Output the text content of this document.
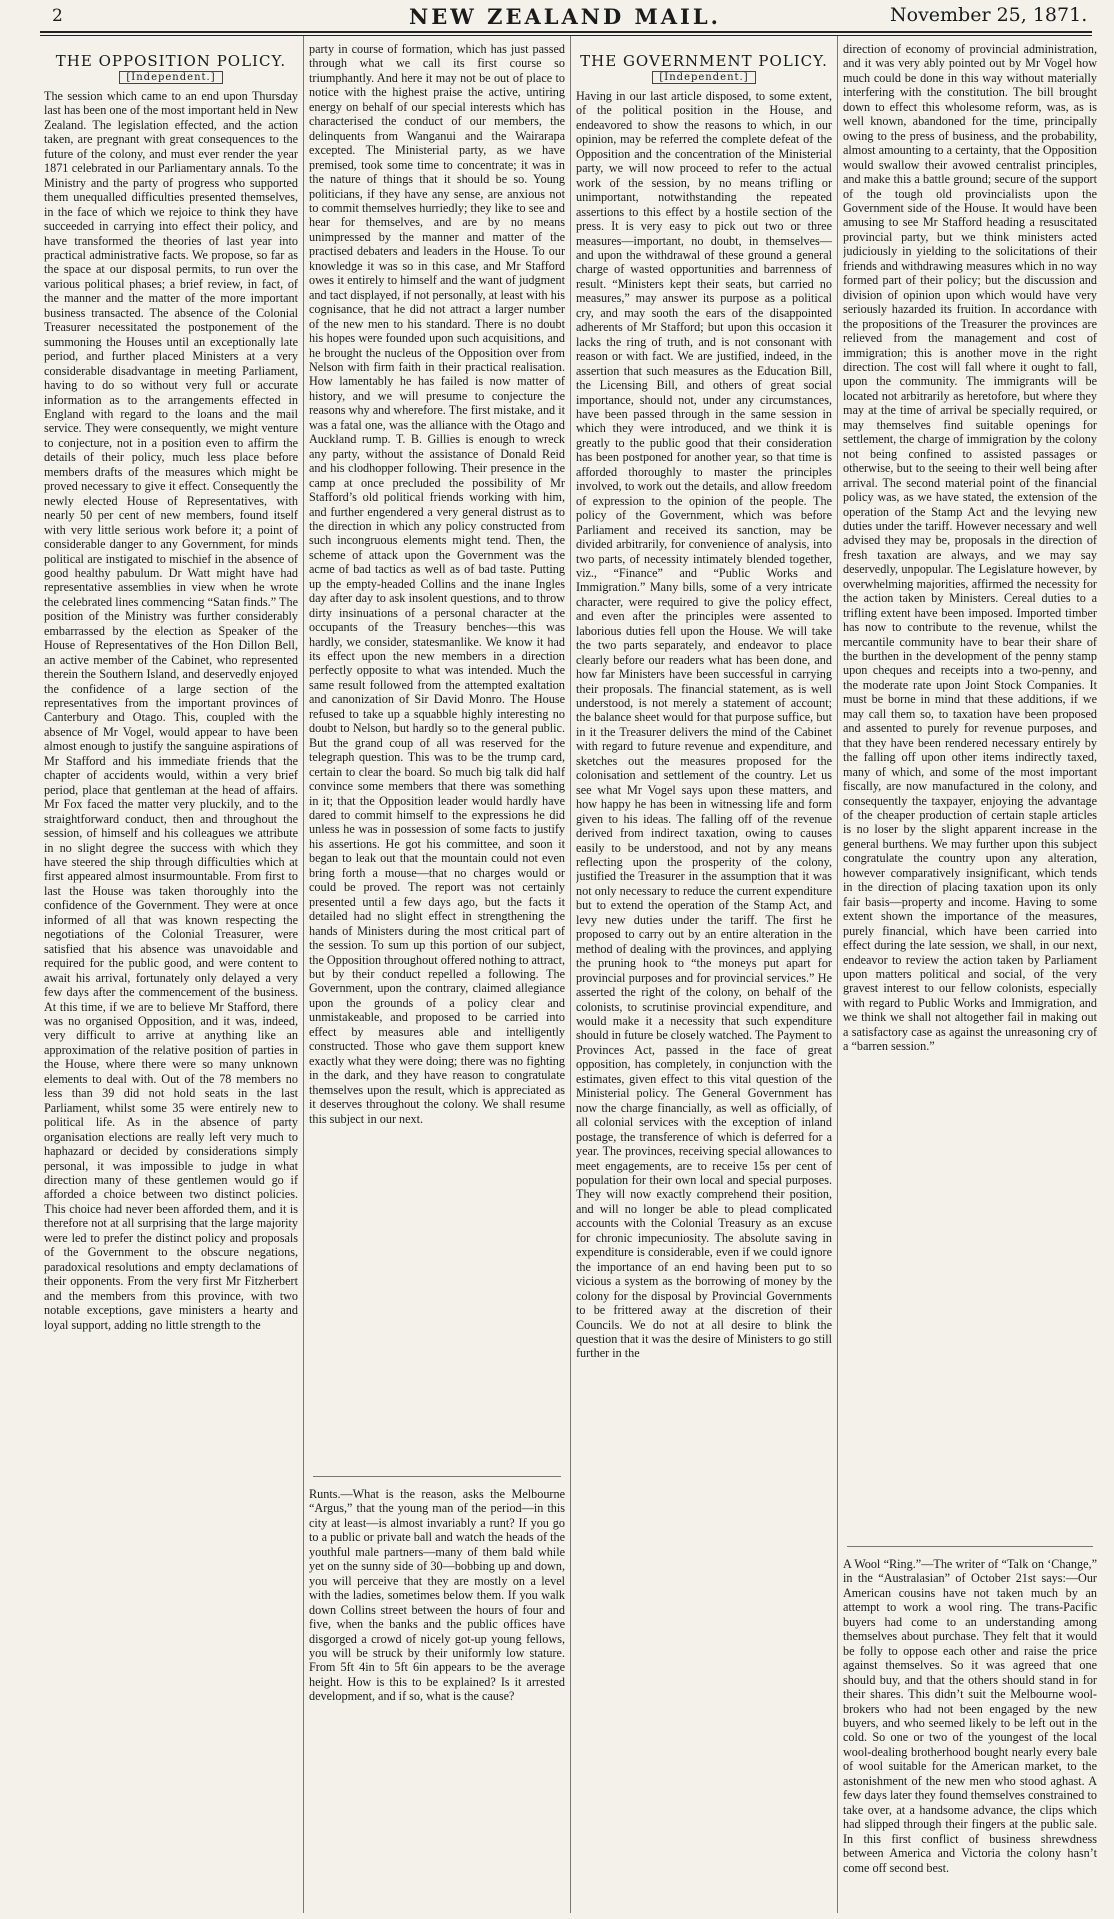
2	NEW ZEALAND MAIL.	November 25, 1871.
THE OPPOSITION POLICY.
[Independent.]

The session which came to an end upon Thursday last has been one of the most important held in New Zealand. The legislation effected, and the action taken, are pregnant with great consequences to the future of the colony, and must ever render the year 1871 celebrated in our Parliamentary annals. To the Ministry and the party of progress who supported them unequalled difficulties presented themselves, in the face of which we rejoice to think they have succeeded in carrying into effect their policy, and have transformed the theories of last year into practical administrative facts. We propose, so far as the space at our disposal permits, to run over the various political phases; a brief review, in fact, of the manner and the matter of the more important business transacted. The absence of the Colonial Treasurer necessitated the postponement of the summoning the Houses until an exceptionally late period, and further placed Ministers at a very considerable disadvantage in meeting Parliament, having to do so without very full or accurate information as to the arrangements effected in England with regard to the loans and the mail service. They were consequently, we might venture to conjecture, not in a position even to affirm the details of their policy, much less place before members drafts of the measures which might be proved necessary to give it effect. Consequently the newly elected House of Representatives, with nearly 50 per cent of new members, found itself with very little serious work before it; a point of considerable danger to any Government, for minds political are instigated to mischief in the absence of good healthy pabulum. Dr Watt might have had representative assemblies in view when he wrote the celebrated lines commencing “Satan finds.” The position of the Ministry was further considerably embarrassed by the election as Speaker of the House of Representatives of the Hon Dillon Bell, an active member of the Cabinet, who represented therein the Southern Island, and deservedly enjoyed the confidence of a large section of the representatives from the important provinces of Canterbury and Otago. This, coupled with the absence of Mr Vogel, would appear to have been almost enough to justify the sanguine aspirations of Mr Stafford and his immediate friends that the chapter of accidents would, within a very brief period, place that gentleman at the head of affairs. Mr Fox faced the matter very pluckily, and to the straightforward conduct, then and throughout the session, of himself and his colleagues we attribute in no slight degree the success with which they have steered the ship through difficulties which at first appeared almost insurmountable. From first to last the House was taken thoroughly into the confidence of the Government. They were at once informed of all that was known respecting the negotiations of the Colonial Treasurer, were satisfied that his absence was unavoidable and required for the public good, and were content to await his arrival, fortunately only delayed a very few days after the commencement of the business. At this time, if we are to believe Mr Stafford, there was no organised Opposition, and it was, indeed, very difficult to arrive at anything like an approximation of the relative position of parties in the House, where there were so many unknown elements to deal with. Out of the 78 members no less than 39 did not hold seats in the last Parliament, whilst some 35 were entirely new to political life. As in the absence of party organisation elections are really left very much to haphazard or decided by considerations simply personal, it was impossible to judge in what direction many of these gentlemen would go if afforded a choice between two distinct policies. This choice had never been afforded them, and it is therefore not at all surprising that the large majority were led to prefer the distinct policy and proposals of the Government to the obscure negations, paradoxical resolutions and empty declamations of their opponents. From the very first Mr Fitzherbert and the members from this province, with two notable exceptions, gave ministers a hearty and loyal support, adding no little strength to the

party in course of formation, which has just passed through what we call its first course so triumphantly. And here it may not be out of place to notice with the highest praise the active, untiring energy on behalf of our special interests which has characterised the conduct of our members, the delinquents from Wanganui and the Wairarapa excepted. The Ministerial party, as we have premised, took some time to concentrate; it was in the nature of things that it should be so. Young politicians, if they have any sense, are anxious not to commit themselves hurriedly; they like to see and hear for themselves, and are by no means unimpressed by the manner and matter of the practised debaters and leaders in the House. To our knowledge it was so in this case, and Mr Stafford owes it entirely to himself and the want of judgment and tact displayed, if not personally, at least with his cognisance, that he did not attract a larger number of the new men to his standard. There is no doubt his hopes were founded upon such acquisitions, and he brought the nucleus of the Opposition over from Nelson with firm faith in their practical realisation. How lamentably he has failed is now matter of history, and we will presume to conjecture the reasons why and wherefore. The first mistake, and it was a fatal one, was the alliance with the Otago and Auckland rump. T. B. Gillies is enough to wreck any party, without the assistance of Donald Reid and his clodhopper following. Their presence in the camp at once precluded the possibility of Mr Stafford’s old political friends working with him, and further engendered a very general distrust as to the direction in which any policy constructed from such incongruous elements might tend. Then, the scheme of attack upon the Government was the acme of bad tactics as well as of bad taste. Putting up the empty-headed Collins and the inane Ingles day after day to ask insolent questions, and to throw dirty insinuations of a personal character at the occupants of the Treasury benches—this was hardly, we consider, statesmanlike. We know it had its effect upon the new members in a direction perfectly opposite to what was intended. Much the same result followed from the attempted exaltation and canonization of Sir David Monro. The House refused to take up a squabble highly interesting no doubt to Nelson, but hardly so to the general public. But the grand coup of all was reserved for the telegraph question. This was to be the trump card, certain to clear the board. So much big talk did half convince some members that there was something in it; that the Opposition leader would hardly have dared to commit himself to the expressions he did unless he was in possession of some facts to justify his assertions. He got his committee, and soon it began to leak out that the mountain could not even bring forth a mouse—that no charges would or could be proved. The report was not certainly presented until a few days ago, but the facts it detailed had no slight effect in strengthening the hands of Ministers during the most critical part of the session. To sum up this portion of our subject, the Opposition throughout offered nothing to attract, but by their conduct repelled a following. The Government, upon the contrary, claimed allegiance upon the grounds of a policy clear and unmistakeable, and proposed to be carried into effect by measures able and intelligently constructed. Those who gave them support knew exactly what they were doing; there was no fighting in the dark, and they have reason to congratulate themselves upon the result, which is appreciated as it deserves throughout the colony. We shall resume this subject in our next.

Runts.—What is the reason, asks the Melbourne “Argus,” that the young man of the period—in this city at least—is almost invariably a runt? If you go to a public or private ball and watch the heads of the youthful male partners—many of them bald while yet on the sunny side of 30—bobbing up and down, you will perceive that they are mostly on a level with the ladies, sometimes below them. If you walk down Collins street between the hours of four and five, when the banks and the public offices have disgorged a crowd of nicely got-up young fellows, you will be struck by their uniformly low stature. From 5ft 4in to 5ft 6in appears to be the average height. How is this to be explained? Is it arrested development, and if so, what is the cause?

THE GOVERNMENT POLICY.
[Independent.]

Having in our last article disposed, to some extent, of the political position in the House, and endeavored to show the reasons to which, in our opinion, may be referred the complete defeat of the Opposition and the concentration of the Ministerial party, we will now proceed to refer to the actual work of the session, by no means trifling or unimportant, notwithstanding the repeated assertions to this effect by a hostile section of the press. It is very easy to pick out two or three measures—important, no doubt, in themselves—and upon the withdrawal of these ground a general charge of wasted opportunities and barrenness of result. “Ministers kept their seats, but carried no measures,” may answer its purpose as a political cry, and may sooth the ears of the disappointed adherents of Mr Stafford; but upon this occasion it lacks the ring of truth, and is not consonant with reason or with fact. We are justified, indeed, in the assertion that such measures as the Education Bill, the Licensing Bill, and others of great social importance, should not, under any circumstances, have been passed through in the same session in which they were introduced, and we think it is greatly to the public good that their consideration has been postponed for another year, so that time is afforded thoroughly to master the principles involved, to work out the details, and allow freedom of expression to the opinion of the people. The policy of the Government, which was before Parliament and received its sanction, may be divided arbitrarily, for convenience of analysis, into two parts, of necessity intimately blended together, viz., “Finance” and “Public Works and Immigration.” Many bills, some of a very intricate character, were required to give the policy effect, and even after the principles were assented to laborious duties fell upon the House. We will take the two parts separately, and endeavor to place clearly before our readers what has been done, and how far Ministers have been successful in carrying their proposals. The financial statement, as is well understood, is not merely a statement of account; the balance sheet would for that purpose suffice, but in it the Treasurer delivers the mind of the Cabinet with regard to future revenue and expenditure, and sketches out the measures proposed for the colonisation and settlement of the country. Let us see what Mr Vogel says upon these matters, and how happy he has been in witnessing life and form given to his ideas. The falling off of the revenue derived from indirect taxation, owing to causes easily to be understood, and not by any means reflecting upon the prosperity of the colony, justified the Treasurer in the assumption that it was not only necessary to reduce the current expenditure but to extend the operation of the Stamp Act, and levy new duties under the tariff. The first he proposed to carry out by an entire alteration in the method of dealing with the provinces, and applying the pruning hook to “the moneys put apart for provincial purposes and for provincial services.” He asserted the right of the colony, on behalf of the colonists, to scrutinise provincial expenditure, and would make it a necessity that such expenditure should in future be closely watched. The Payment to Provinces Act, passed in the face of great opposition, has completely, in conjunction with the estimates, given effect to this vital question of the Ministerial policy. The General Government has now the charge financially, as well as officially, of all colonial services with the exception of inland postage, the transference of which is deferred for a year. The provinces, receiving special allowances to meet engagements, are to receive 15s per cent of population for their own local and special purposes. They will now exactly comprehend their position, and will no longer be able to plead complicated accounts with the Colonial Treasury as an excuse for chronic impecuniosity. The absolute saving in expenditure is considerable, even if we could ignore the importance of an end having been put to so vicious a system as the borrowing of money by the colony for the disposal by Provincial Governments to be frittered away at the discretion of their Councils. We do not at all desire to blink the question that it was the desire of Ministers to go still further in the

direction of economy of provincial administration, and it was very ably pointed out by Mr Vogel how much could be done in this way without materially interfering with the constitution. The bill brought down to effect this wholesome reform, was, as is well known, abandoned for the time, principally owing to the press of business, and the probability, almost amounting to a certainty, that the Opposition would swallow their avowed centralist principles, and make this a battle ground; secure of the support of the tough old provincialists upon the Government side of the House. It would have been amusing to see Mr Stafford heading a resuscitated provincial party, but we think ministers acted judiciously in yielding to the solicitations of their friends and withdrawing measures which in no way formed part of their policy; but the discussion and division of opinion upon which would have very seriously hazarded its fruition. In accordance with the propositions of the Treasurer the provinces are relieved from the management and cost of immigration; this is another move in the right direction. The cost will fall where it ought to fall, upon the community. The immigrants will be located not arbitrarily as heretofore, but where they may at the time of arrival be specially required, or may themselves find suitable openings for settlement, the charge of immigration by the colony not being confined to assisted passages or otherwise, but to the seeing to their well being after arrival. The second material point of the financial policy was, as we have stated, the extension of the operation of the Stamp Act and the levying new duties under the tariff. However necessary and well advised they may be, proposals in the direction of fresh taxation are always, and we may say deservedly, unpopular. The Legislature however, by overwhelming majorities, affirmed the necessity for the action taken by Ministers. Cereal duties to a trifling extent have been imposed. Imported timber has now to contribute to the revenue, whilst the mercantile community have to bear their share of the burthen in the development of the penny stamp upon cheques and receipts into a two-penny, and the moderate rate upon Joint Stock Companies. It must be borne in mind that these additions, if we may call them so, to taxation have been proposed and assented to purely for revenue purposes, and that they have been rendered necessary entirely by the falling off upon other items indirectly taxed, many of which, and some of the most important fiscally, are now manufactured in the colony, and consequently the taxpayer, enjoying the advantage of the cheaper production of certain staple articles is no loser by the slight apparent increase in the general burthens. We may further upon this subject congratulate the country upon any alteration, however comparatively insignificant, which tends in the direction of placing taxation upon its only fair basis—property and income. Having to some extent shown the importance of the measures, purely financial, which have been carried into effect during the late session, we shall, in our next, endeavor to review the action taken by Parliament upon matters political and social, of the very gravest interest to our fellow colonists, especially with regard to Public Works and Immigration, and we think we shall not altogether fail in making out a satisfactory case as against the unreasoning cry of a “barren session.”

A Wool “Ring.”—The writer of “Talk on ‘Change,” in the “Australasian” of October 21st says:—Our American cousins have not taken much by an attempt to work a wool ring. The trans-Pacific buyers had come to an understanding among themselves about purchase. They felt that it would be folly to oppose each other and raise the price against themselves. So it was agreed that one should buy, and that the others should stand in for their shares. This didn’t suit the Melbourne wool-brokers who had not been engaged by the new buyers, and who seemed likely to be left out in the cold. So one or two of the youngest of the local wool-dealing brotherhood bought nearly every bale of wool suitable for the American market, to the astonishment of the new men who stood aghast. A few days later they found themselves constrained to take over, at a handsome advance, the clips which had slipped through their fingers at the public sale. In this first conflict of business shrewdness between America and Victoria the colony hasn’t come off second best.
